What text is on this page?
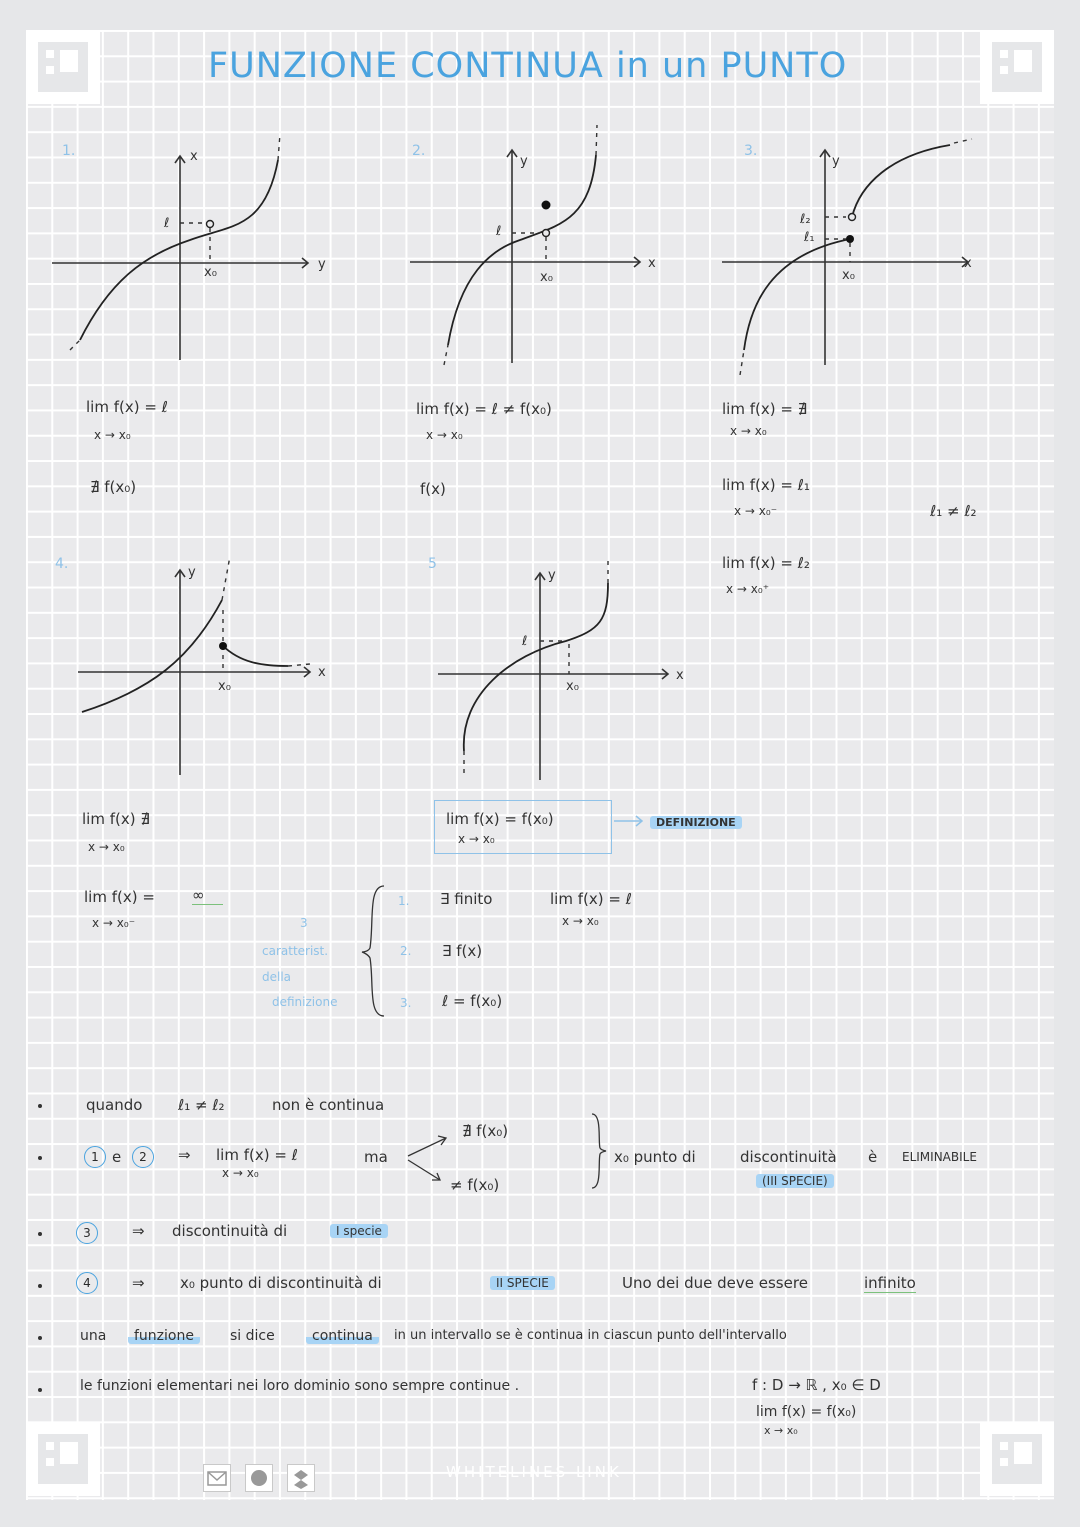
FUNZIONE CONTINUA in un PUNTO
1.	x
y
ℓ
x₀
2.
y
x
ℓ
x₀
3.
y
x
ℓ₂
ℓ₁
x₀
lim f(x) = ℓ
x → x₀
∄ f(x₀)
lim f(x) = ℓ ≠ f(x₀)
x → x₀
f(x)
lim f(x) = ∄
x → x₀
lim f(x) = ℓ₁
x → x₀⁻	ℓ₁ ≠ ℓ₂
lim f(x) = ℓ₂
x → x₀⁺
4.
y
x
x₀
5
y
x
ℓ
x₀
lim f(x) ∄
x → x₀
lim f(x) = ∞
x → x₀⁻
lim f(x) = f(x₀)
x → x₀
DEFINIZIONE
3
caratterist.
della
definizione
1. ∃ finito	lim f(x) = ℓ
x → x₀
2. ∃ f(x)
3. ℓ = f(x₀)
quando ℓ₁ ≠ ℓ₂	non è continua
1 e	2	⇒ lim f(x) = ℓ
x → x₀
ma
∄ f(x₀)
≠ f(x₀)
x₀ punto di	discontinuità è ELIMINABILE
(III SPECIE)
3	⇒ discontinuità di	I specie
4	⇒ x₀ punto di discontinuità di	II SPECIE	Uno dei due deve essere	infinito
una	funzione	si dice	continua	in un intervallo se è continua in ciascun punto dell'intervallo
le funzioni elementari nei loro dominio sono sempre continue .	f : D → ℝ , x₀ ∈ D
lim f(x) = f(x₀)
x → x₀
WHITELINES LINK
